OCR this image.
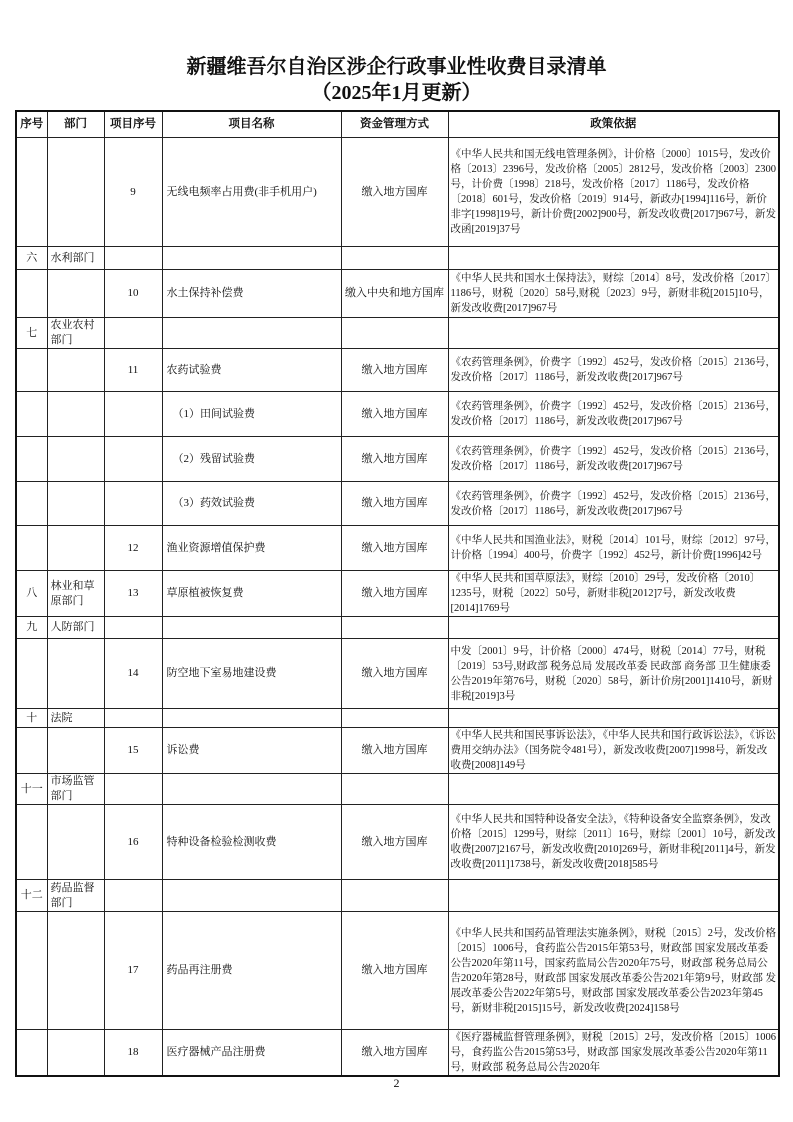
新疆维吾尔自治区涉企行政事业性收费目录清单
（2025年1月更新）
序号	部门	项目序号	项目名称	资金管理方式	政策依据
		9	无线电频率占用费(非手机用户)	缴入地方国库	《中华人民共和国无线电管理条例》，计价格〔2000〕1015号，发改价格〔2013〕2396号，发改价格〔2005〕2812号，发改价格〔2003〕2300号，计价费〔1998〕218号，发改价格〔2017〕1186号，发改价格〔2018〕601号，发改价格〔2019〕914号，新政办[1994]116号，新价非字[1998]19号，新计价费[2002]900号，新发改收费[2017]967号，新发改函[2019]37号
六	水利部门				
		10	水土保持补偿费	缴入中央和地方国库	《中华人民共和国水土保持法》，财综〔2014〕8号，发改价格〔2017〕1186号，财税〔2020〕58号,财税〔2023〕9号，新财非税[2015]10号，新发改收费[2017]967号
七	农业农村部门				
		11	农药试验费	缴入地方国库	《农药管理条例》，价费字〔1992〕452号，发改价格〔2015〕2136号，发改价格〔2017〕1186号，新发改收费[2017]967号
			（1）田间试验费	缴入地方国库	《农药管理条例》，价费字〔1992〕452号，发改价格〔2015〕2136号，发改价格〔2017〕1186号，新发改收费[2017]967号
			（2）残留试验费	缴入地方国库	《农药管理条例》，价费字〔1992〕452号，发改价格〔2015〕2136号，发改价格〔2017〕1186号，新发改收费[2017]967号
			（3）药效试验费	缴入地方国库	《农药管理条例》，价费字〔1992〕452号，发改价格〔2015〕2136号，发改价格〔2017〕1186号，新发改收费[2017]967号
		12	渔业资源增值保护费	缴入地方国库	《中华人民共和国渔业法》，财税〔2014〕101号，财综〔2012〕97号，计价格〔1994〕400号，价费字〔1992〕452号，新计价费[1996]42号
八	林业和草原部门	13	草原植被恢复费	缴入地方国库	《中华人民共和国草原法》，财综〔2010〕29号，发改价格〔2010〕1235号，财税〔2022〕50号，新财非税[2012]7号，新发改收费[2014]1769号
九	人防部门				
		14	防空地下室易地建设费	缴入地方国库	中发〔2001〕9号，计价格〔2000〕474号，财税〔2014〕77号，财税〔2019〕53号,财政部 税务总局 发展改革委 民政部 商务部 卫生健康委公告2019年第76号，财税〔2020〕58号，新计价房[2001]1410号，新财非税[2019]3号
十	法院				
		15	诉讼费	缴入地方国库	《中华人民共和国民事诉讼法》，《中华人民共和国行政诉讼法》，《诉讼费用交纳办法》（国务院令481号），新发改收费[2007]1998号，新发改收费[2008]149号
十一	市场监管部门				
		16	特种设备检验检测收费	缴入地方国库	《中华人民共和国特种设备安全法》，《特种设备安全监察条例》，发改价格〔2015〕1299号，财综〔2011〕16号，财综〔2001〕10号，新发改收费[2007]2167号，新发改收费[2010]269号，新财非税[2011]4号，新发改收费[2011]1738号，新发改收费[2018]585号
十二	药品监督部门				
		17	药品再注册费	缴入地方国库	《中华人民共和国药品管理法实施条例》，财税〔2015〕2号，发改价格〔2015〕1006号，食药监公告2015年第53号，财政部 国家发展改革委公告2020年第11号，国家药监局公告2020年75号，财政部 税务总局公告2020年第28号，财政部 国家发展改革委公告2021年第9号，财政部 发展改革委公告2022年第5号，财政部 国家发展改革委公告2023年第45号，新财非税[2015]15号，新发改收费[2024]158号
		18	医疗器械产品注册费	缴入地方国库	《医疗器械监督管理条例》，财税〔2015〕2号，发改价格〔2015〕1006号，食药监公告2015第53号，财政部 国家发展改革委公告2020年第11号，财政部 税务总局公告2020年
2
